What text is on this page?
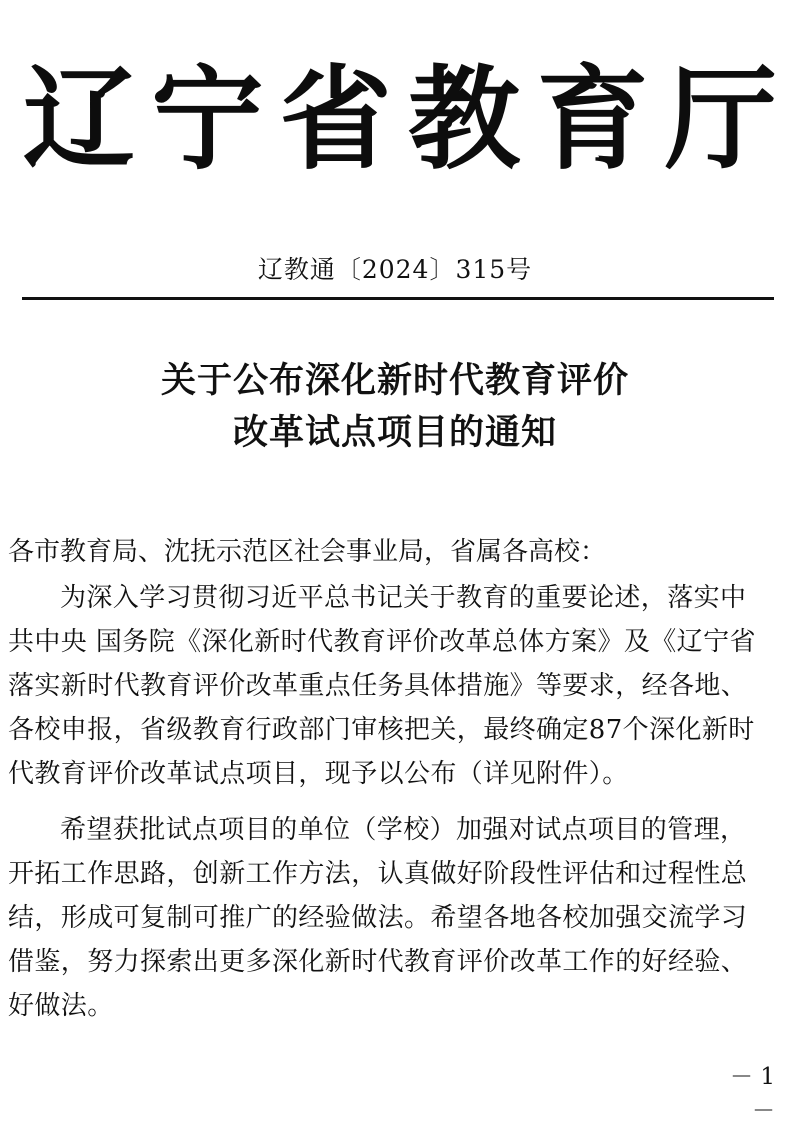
辽 宁 省 教 育 厅
辽教通〔2024〕315号
关于公布深化新时代教育评价
改革试点项目的通知
各市教育局、沈抚示范区社会事业局，省属各高校：
为深入学习贯彻习近平总书记关于教育的重要论述，落实中
共中央 国务院《深化新时代教育评价改革总体方案》及《辽宁省
落实新时代教育评价改革重点任务具体措施》等要求，经各地、
各校申报，省级教育行政部门审核把关，最终确定87个深化新时
代教育评价改革试点项目，现予以公布（详见附件）。
希望获批试点项目的单位（学校）加强对试点项目的管理，
开拓工作思路，创新工作方法，认真做好阶段性评估和过程性总
结，形成可复制可推广的经验做法。希望各地各校加强交流学习
借鉴，努力探索出更多深化新时代教育评价改革工作的好经验、
好做法。
－ 1 －
